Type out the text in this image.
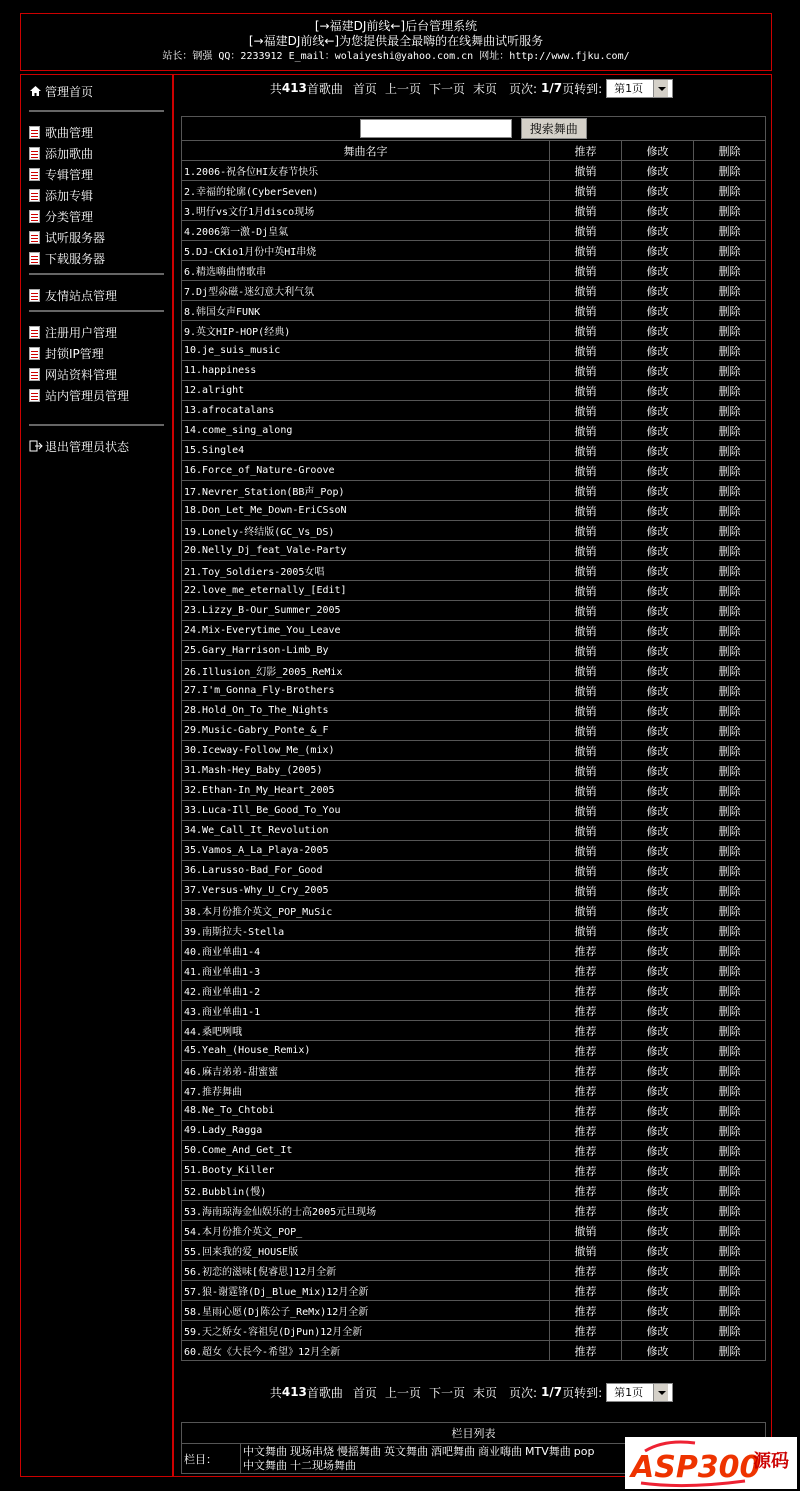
[→福建DJ前线←]后台管理系统
[→福建DJ前线←]为您提供最全最嗨的在线舞曲试听服务
站长：钢强 QQ：2233912 E_mail：wolaiyeshi@yahoo.com.cn 网址：http://www.fjku.com/
管理首页
歌曲管理
添加歌曲
专辑管理
添加专辑
分类管理
试听服务器
下载服务器
友情站点管理
注册用户管理
封锁IP管理
网站资料管理
站内管理员管理
退出管理员状态
共 413 首歌曲 首页 上一页 下一页 末页 页次: 1/7 页转到: 第1页
搜索舞曲			
舞曲名字	推荐	修改	删除
1.2006-祝各位HI友春节快乐	撤销	修改	删除
2.幸福的轮廓(CyberSeven)	撤销	修改	删除
3.明仔vs文仔1月disco现场	撤销	修改	删除
4.2006第一激-Dj皇氣	撤销	修改	删除
5.DJ-CKio1月份中英HI串烧	撤销	修改	删除
6.精选嗨曲情歌串	撤销	修改	删除
7.Dj型尛磁-迷幻意大利气氛	撤销	修改	删除
8.韩国女声FUNK	撤销	修改	删除
9.英文HIP-HOP(经典)	撤销	修改	删除
10.je_suis_music	撤销	修改	删除
11.happiness	撤销	修改	删除
12.alright	撤销	修改	删除
13.afrocatalans	撤销	修改	删除
14.come_sing_along	撤销	修改	删除
15.Single4	撤销	修改	删除
16.Force_of_Nature-Groove	撤销	修改	删除
17.Nevrer_Station(BB声_Pop)	撤销	修改	删除
18.Don_Let_Me_Down-EriCSsoN	撤销	修改	删除
19.Lonely-终结版(GC_Vs_DS)	撤销	修改	删除
20.Nelly_Dj_feat_Vale-Party	撤销	修改	删除
21.Toy_Soldiers-2005女唱	撤销	修改	删除
22.love_me_eternally_[Edit]	撤销	修改	删除
23.Lizzy_B-Our_Summer_2005	撤销	修改	删除
24.Mix-Everytime_You_Leave	撤销	修改	删除
25.Gary_Harrison-Limb_By	撤销	修改	删除
26.Illusion_幻影_2005_ReMix	撤销	修改	删除
27.I'm_Gonna_Fly-Brothers	撤销	修改	删除
28.Hold_On_To_The_Nights	撤销	修改	删除
29.Music-Gabry_Ponte_&_F	撤销	修改	删除
30.Iceway-Follow_Me_(mix)	撤销	修改	删除
31.Mash-Hey_Baby_(2005)	撤销	修改	删除
32.Ethan-In_My_Heart_2005	撤销	修改	删除
33.Luca-Ill_Be_Good_To_You	撤销	修改	删除
34.We_Call_It_Revolution	撤销	修改	删除
35.Vamos_A_La_Playa-2005	撤销	修改	删除
36.Larusso-Bad_For_Good	撤销	修改	删除
37.Versus-Why_U_Cry_2005	撤销	修改	删除
38.本月份推介英文_POP_MuSic	撤销	修改	删除
39.南斯拉夫-Stella	撤销	修改	删除
40.商业单曲1-4	推荐	修改	删除
41.商业单曲1-3	推荐	修改	删除
42.商业单曲1-2	推荐	修改	删除
43.商业单曲1-1	推荐	修改	删除
44.桑吧咧哦	推荐	修改	删除
45.Yeah_(House_Remix)	推荐	修改	删除
46.麻吉弟弟-甜蜜蜜	推荐	修改	删除
47.推荐舞曲	推荐	修改	删除
48.Ne_To_Chtobi	推荐	修改	删除
49.Lady_Ragga	推荐	修改	删除
50.Come_And_Get_It	推荐	修改	删除
51.Booty_Killer	推荐	修改	删除
52.Bubblin(慢)	推荐	修改	删除
53.海南琼海金仙娱乐的士高2005元旦现场	推荐	修改	删除
54.本月份推介英文_POP_	撤销	修改	删除
55.回来我的爱_HOUSE版	撤销	修改	删除
56.初恋的滋味[倪睿思]12月全新	推荐	修改	删除
57.狼-谢霆锋(Dj_Blue_Mix)12月全新	推荐	修改	删除
58.星雨心愿(Dj陈公子_ReMx)12月全新	推荐	修改	删除
59.天之娇女-容祖兒(DjPun)12月全新	推荐	修改	删除
60.超女《大長今-希望》12月全新	推荐	修改	删除
共 413 首歌曲 首页 上一页 下一页 末页 页次: 1/7 页转到: 第1页
栏目列表
栏目：	中文舞曲 现场串烧 慢摇舞曲 英文舞曲 酒吧舞曲 商业嗨曲 MTV舞曲 pop
中文舞曲 十二现场舞曲	ASP300
源码
